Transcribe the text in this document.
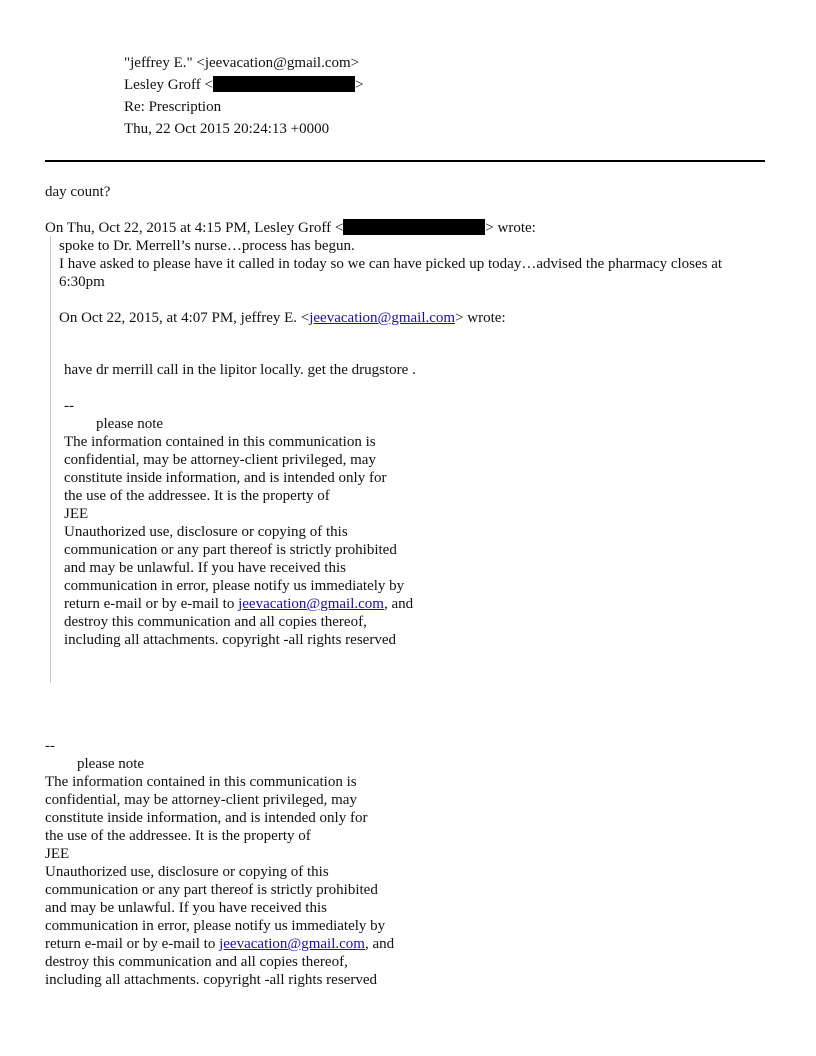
"jeffrey E." <jeevacation@gmail.com>
Lesley Groff <	>
Re: Prescription
Thu, 22 Oct 2015 20:24:13 +0000
day count?
On Thu, Oct 22, 2015 at 4:15 PM, Lesley Groff <	> wrote:
spoke to Dr. Merrell’s nurse…process has begun.
I have asked to please have it called in today so we can have picked up today…advised the pharmacy closes at
6:30pm
On Oct 22, 2015, at 4:07 PM, jeffrey E. <jeevacation@gmail.com> wrote:
have dr merrill call in the lipitor locally. get the drugstore .
--
please note
The information contained in this communication is
confidential, may be attorney-client privileged, may
constitute inside information, and is intended only for
the use of the addressee. It is the property of
JEE
Unauthorized use, disclosure or copying of this
communication or any part thereof is strictly prohibited
and may be unlawful. If you have received this
communication in error, please notify us immediately by
return e-mail or by e-mail to jeevacation@gmail.com, and
destroy this communication and all copies thereof,
including all attachments. copyright -all rights reserved
--
please note
The information contained in this communication is
confidential, may be attorney-client privileged, may
constitute inside information, and is intended only for
the use of the addressee. It is the property of
JEE
Unauthorized use, disclosure or copying of this
communication or any part thereof is strictly prohibited
and may be unlawful. If you have received this
communication in error, please notify us immediately by
return e-mail or by e-mail to jeevacation@gmail.com, and
destroy this communication and all copies thereof,
including all attachments. copyright -all rights reserved
